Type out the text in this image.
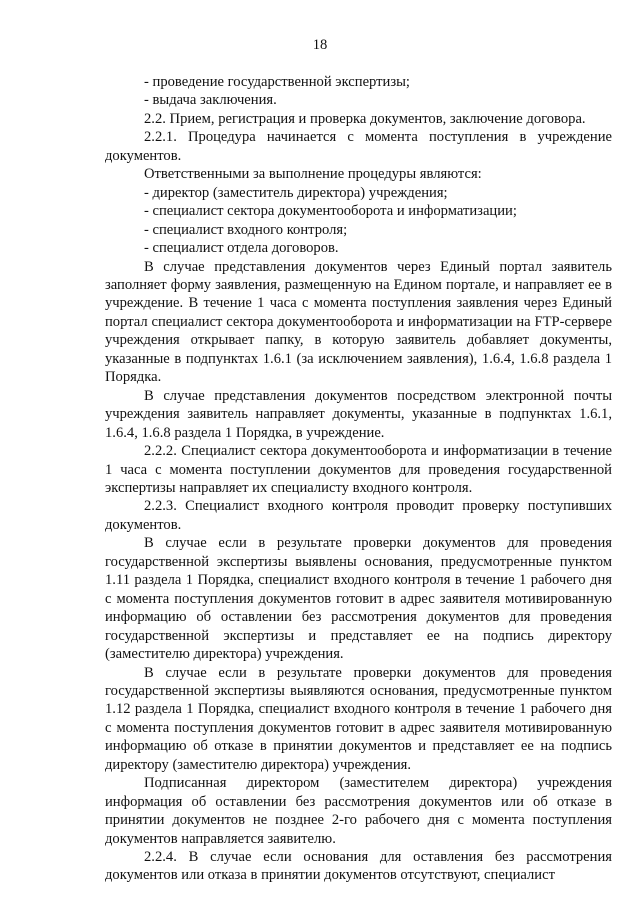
18

- проведение государственной экспертизы;

- выдача заключения.

2.2. Прием, регистрация и проверка документов, заключение договора.

2.2.1. Процедура начинается с момента поступления в учреждение документов.

Ответственными за выполнение процедуры являются:

- директор (заместитель директора) учреждения;

- специалист сектора документооборота и информатизации;

- специалист входного контроля;

- специалист отдела договоров.

В случае представления документов через Единый портал заявитель заполняет форму заявления, размещенную на Едином портале, и направляет ее в учреждение. В течение 1 часа с момента поступления заявления через Единый портал специалист сектора документооборота и информатизации на FTP-сервере учреждения открывает папку, в которую заявитель добавляет документы, указанные в подпунктах 1.6.1 (за исключением заявления), 1.6.4, 1.6.8 раздела 1 Порядка.

В случае представления документов посредством электронной почты учреждения заявитель направляет документы, указанные в подпунктах 1.6.1, 1.6.4, 1.6.8 раздела 1 Порядка, в учреждение.

2.2.2. Специалист сектора документооборота и информатизации в течение 1 часа с момента поступлении документов для проведения государственной экспертизы направляет их специалисту входного контроля.

2.2.3. Специалист входного контроля проводит проверку поступивших документов.

В случае если в результате проверки документов для проведения государственной экспертизы выявлены основания, предусмотренные пунктом 1.11 раздела 1 Порядка, специалист входного контроля в течение 1 рабочего дня с момента поступления документов готовит в адрес заявителя мотивированную информацию об оставлении без рассмотрения документов для проведения государственной экспертизы и представляет ее на подпись директору (заместителю директора) учреждения.

В случае если в результате проверки документов для проведения государственной экспертизы выявляются основания, предусмотренные пунктом 1.12 раздела 1 Порядка, специалист входного контроля в течение 1 рабочего дня с момента поступления документов готовит в адрес заявителя мотивированную информацию об отказе в принятии документов и представляет ее на подпись директору (заместителю директора) учреждения.

Подписанная директором (заместителем директора) учреждения информация об оставлении без рассмотрения документов или об отказе в принятии документов не позднее 2-го рабочего дня с момента поступления документов направляется заявителю.

2.2.4. В случае если основания для оставления без рассмотрения документов или отказа в принятии документов отсутствуют, специалист
